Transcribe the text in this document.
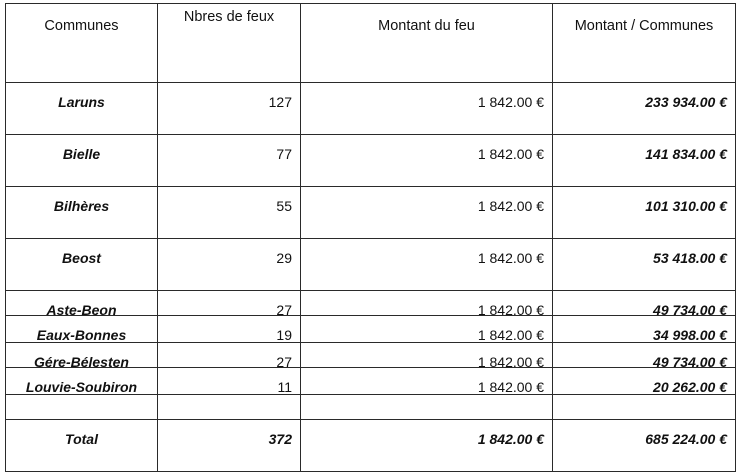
Communes	Nbres de feux	Montant du feu	Montant / Communes
Laruns	127	1 842.00 €	233 934.00 €
Bielle	77	1 842.00 €	141 834.00 €
Bilhères	55	1 842.00 €	101 310.00 €
Beost	29	1 842.00 €	53 418.00 €
Aste-Beon	27	1 842.00 €	49 734.00 €
Gére-Bélesten	27	1 842.00 €	49 734.00 €
Eaux-Bonnes	19	1 842.00 €	34 998.00 €
Louvie-Soubiron	11	1 842.00 €	20 262.00 €
Total	372	1 842.00 €	685 224.00 €
